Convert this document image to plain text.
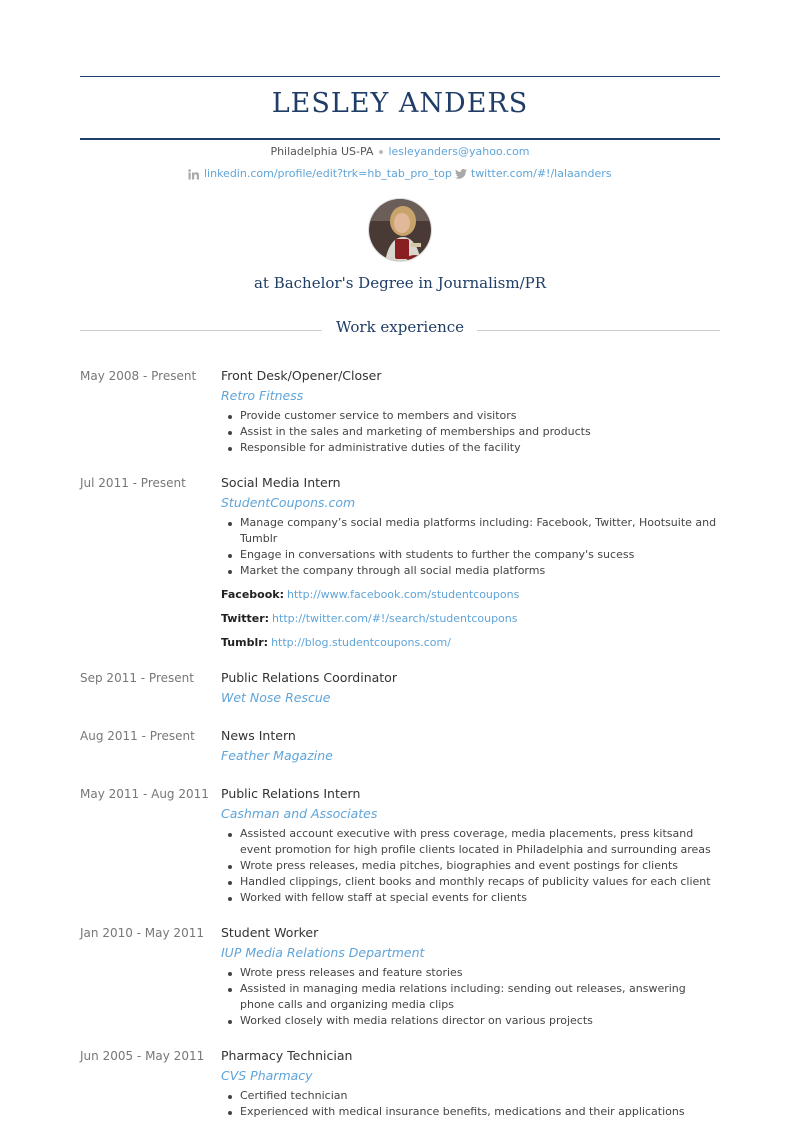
LESLEY ANDERS
Philadelphia US-PA lesleyanders@yahoo.com
linkedin.com/profile/edit?trk=hb_tab_pro_top twitter.com/#!/lalaanders
at Bachelor's Degree in Journalism/PR
Work experience
May 2008 - Present	Front Desk/Opener/Closer
Retro Fitness
Provide customer service to members and visitors
Assist in the sales and marketing of memberships and products
Responsible for administrative duties of the facility
Jul 2011 - Present	Social Media Intern
StudentCoupons.com
Manage company’s social media platforms including: Facebook, Twitter, Hootsuite and Tumblr
Engage in conversations with students to further the company's sucess
Market the company through all social media platforms
Facebook: http://www.facebook.com/studentcoupons
Twitter: http://twitter.com/#!/search/studentcoupons
Tumblr: http://blog.studentcoupons.com/
Sep 2011 - Present	Public Relations Coordinator
Wet Nose Rescue
Aug 2011 - Present	News Intern
Feather Magazine
May 2011 - Aug 2011 Public Relations Intern
Cashman and Associates
Assisted account executive with press coverage, media placements, press kitsand event promotion for high profile clients located in Philadelphia and surrounding areas
Wrote press releases, media pitches, biographies and event postings for clients
Handled clippings, client books and monthly recaps of publicity values for each client
Worked with fellow staff at special events for clients
Jan 2010 - May 2011	Student Worker
IUP Media Relations Department
Wrote press releases and feature stories
Assisted in managing media relations including: sending out releases, answering phone calls and organizing media clips
Worked closely with media relations director on various projects
Jun 2005 - May 2011	Pharmacy Technician
CVS Pharmacy
Certified technician
Experienced with medical insurance benefits, medications and their applications
